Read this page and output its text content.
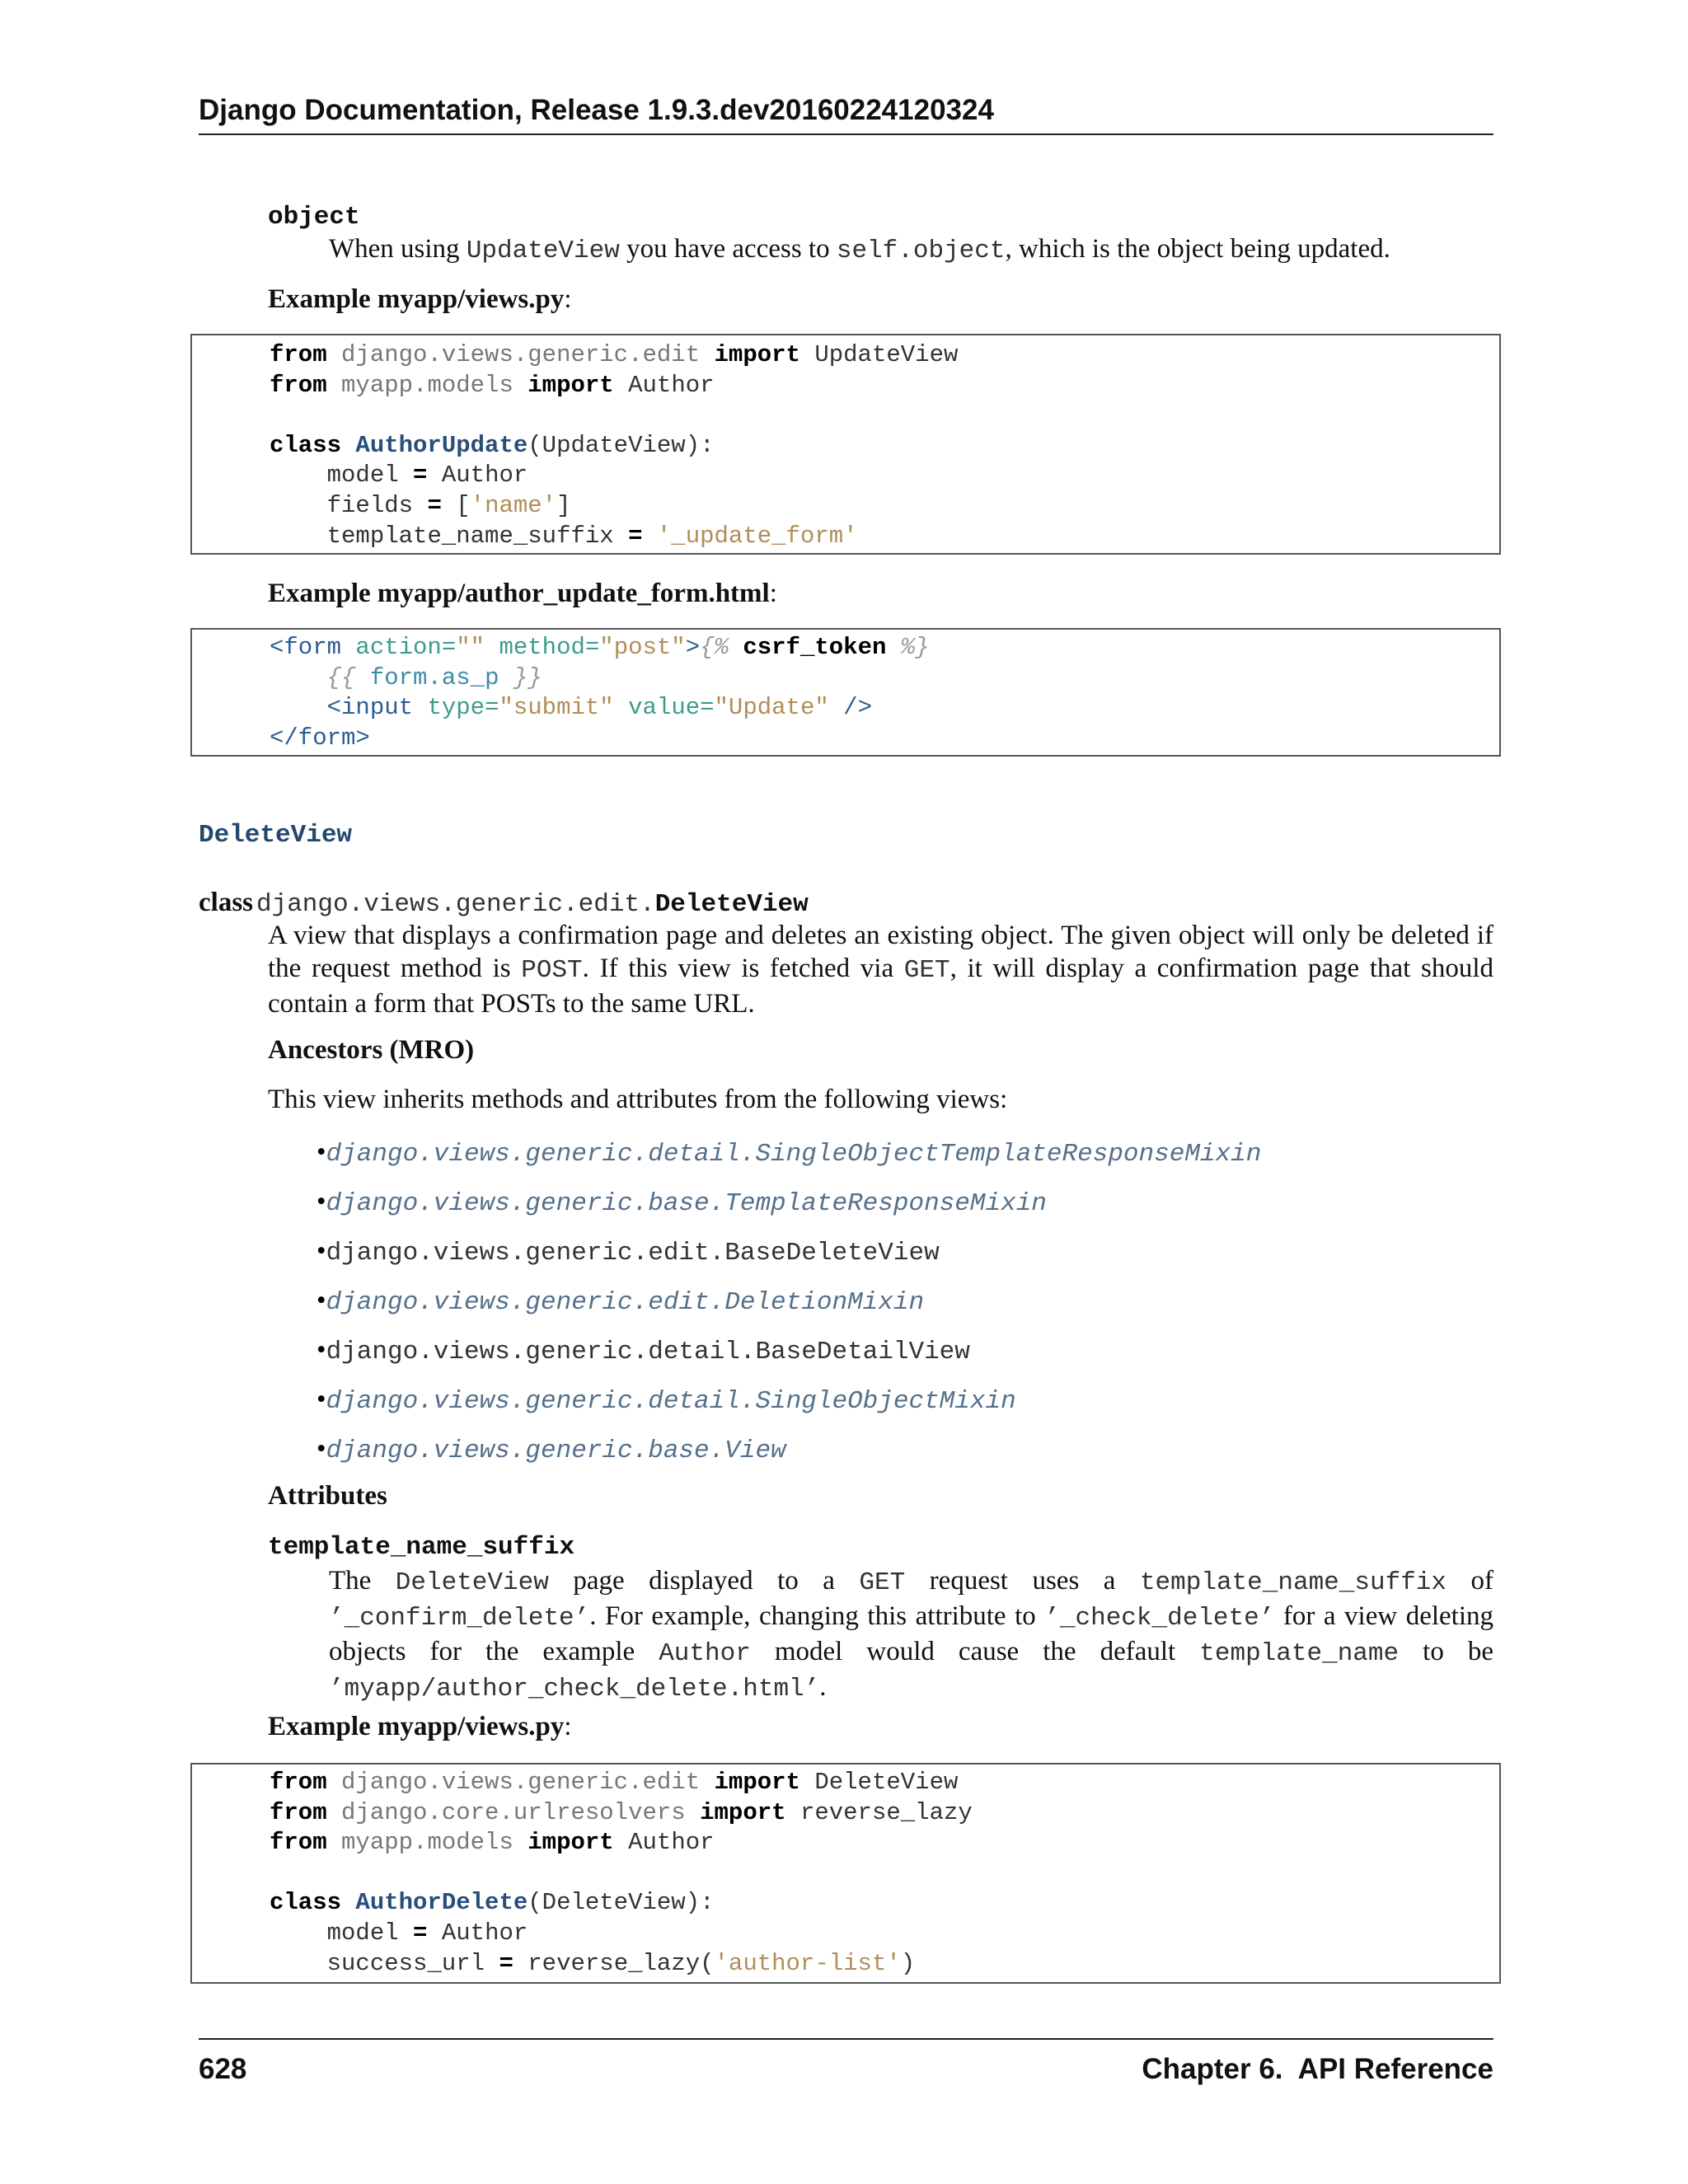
Django Documentation, Release 1.9.3.dev20160224120324
object
When using UpdateView you have access to self.object, which is the object being updated.
Example myapp/views.py:
from django.views.generic.edit import UpdateView
from myapp.models import Author

class AuthorUpdate(UpdateView):
model = Author
fields = ['name']
template_name_suffix = '_update_form'
Example myapp/author_update_form.html:
<form action="" method="post">{% csrf_token %}
{{ form.as_p }}
<input type="submit" value="Update" />
</form>
DeleteView
class django.views.generic.edit.DeleteView
A view that displays a confirmation page and deletes an existing object. The given object will only be deleted if the request method is POST. If this view is fetched via GET, it will display a confirmation page that should contain a form that POSTs to the same URL.
Ancestors (MRO)
This view inherits methods and attributes from the following views:
•django.views.generic.detail.SingleObjectTemplateResponseMixin
•django.views.generic.base.TemplateResponseMixin
•django.views.generic.edit.BaseDeleteView
•django.views.generic.edit.DeletionMixin
•django.views.generic.detail.BaseDetailView
•django.views.generic.detail.SingleObjectMixin
•django.views.generic.base.View
Attributes
template_name_suffix
The DeleteView page displayed to a GET request uses a template_name_suffix of ’_confirm_delete’. For example, changing this attribute to ’_check_delete’ for a view deleting objects for the example Author model would cause the default template_name to be ’myapp/author_check_delete.html’.
Example myapp/views.py:
from django.views.generic.edit import DeleteView
from django.core.urlresolvers import reverse_lazy
from myapp.models import Author

class AuthorDelete(DeleteView):
model = Author
success_url = reverse_lazy('author-list')
628	Chapter 6.  API Reference
